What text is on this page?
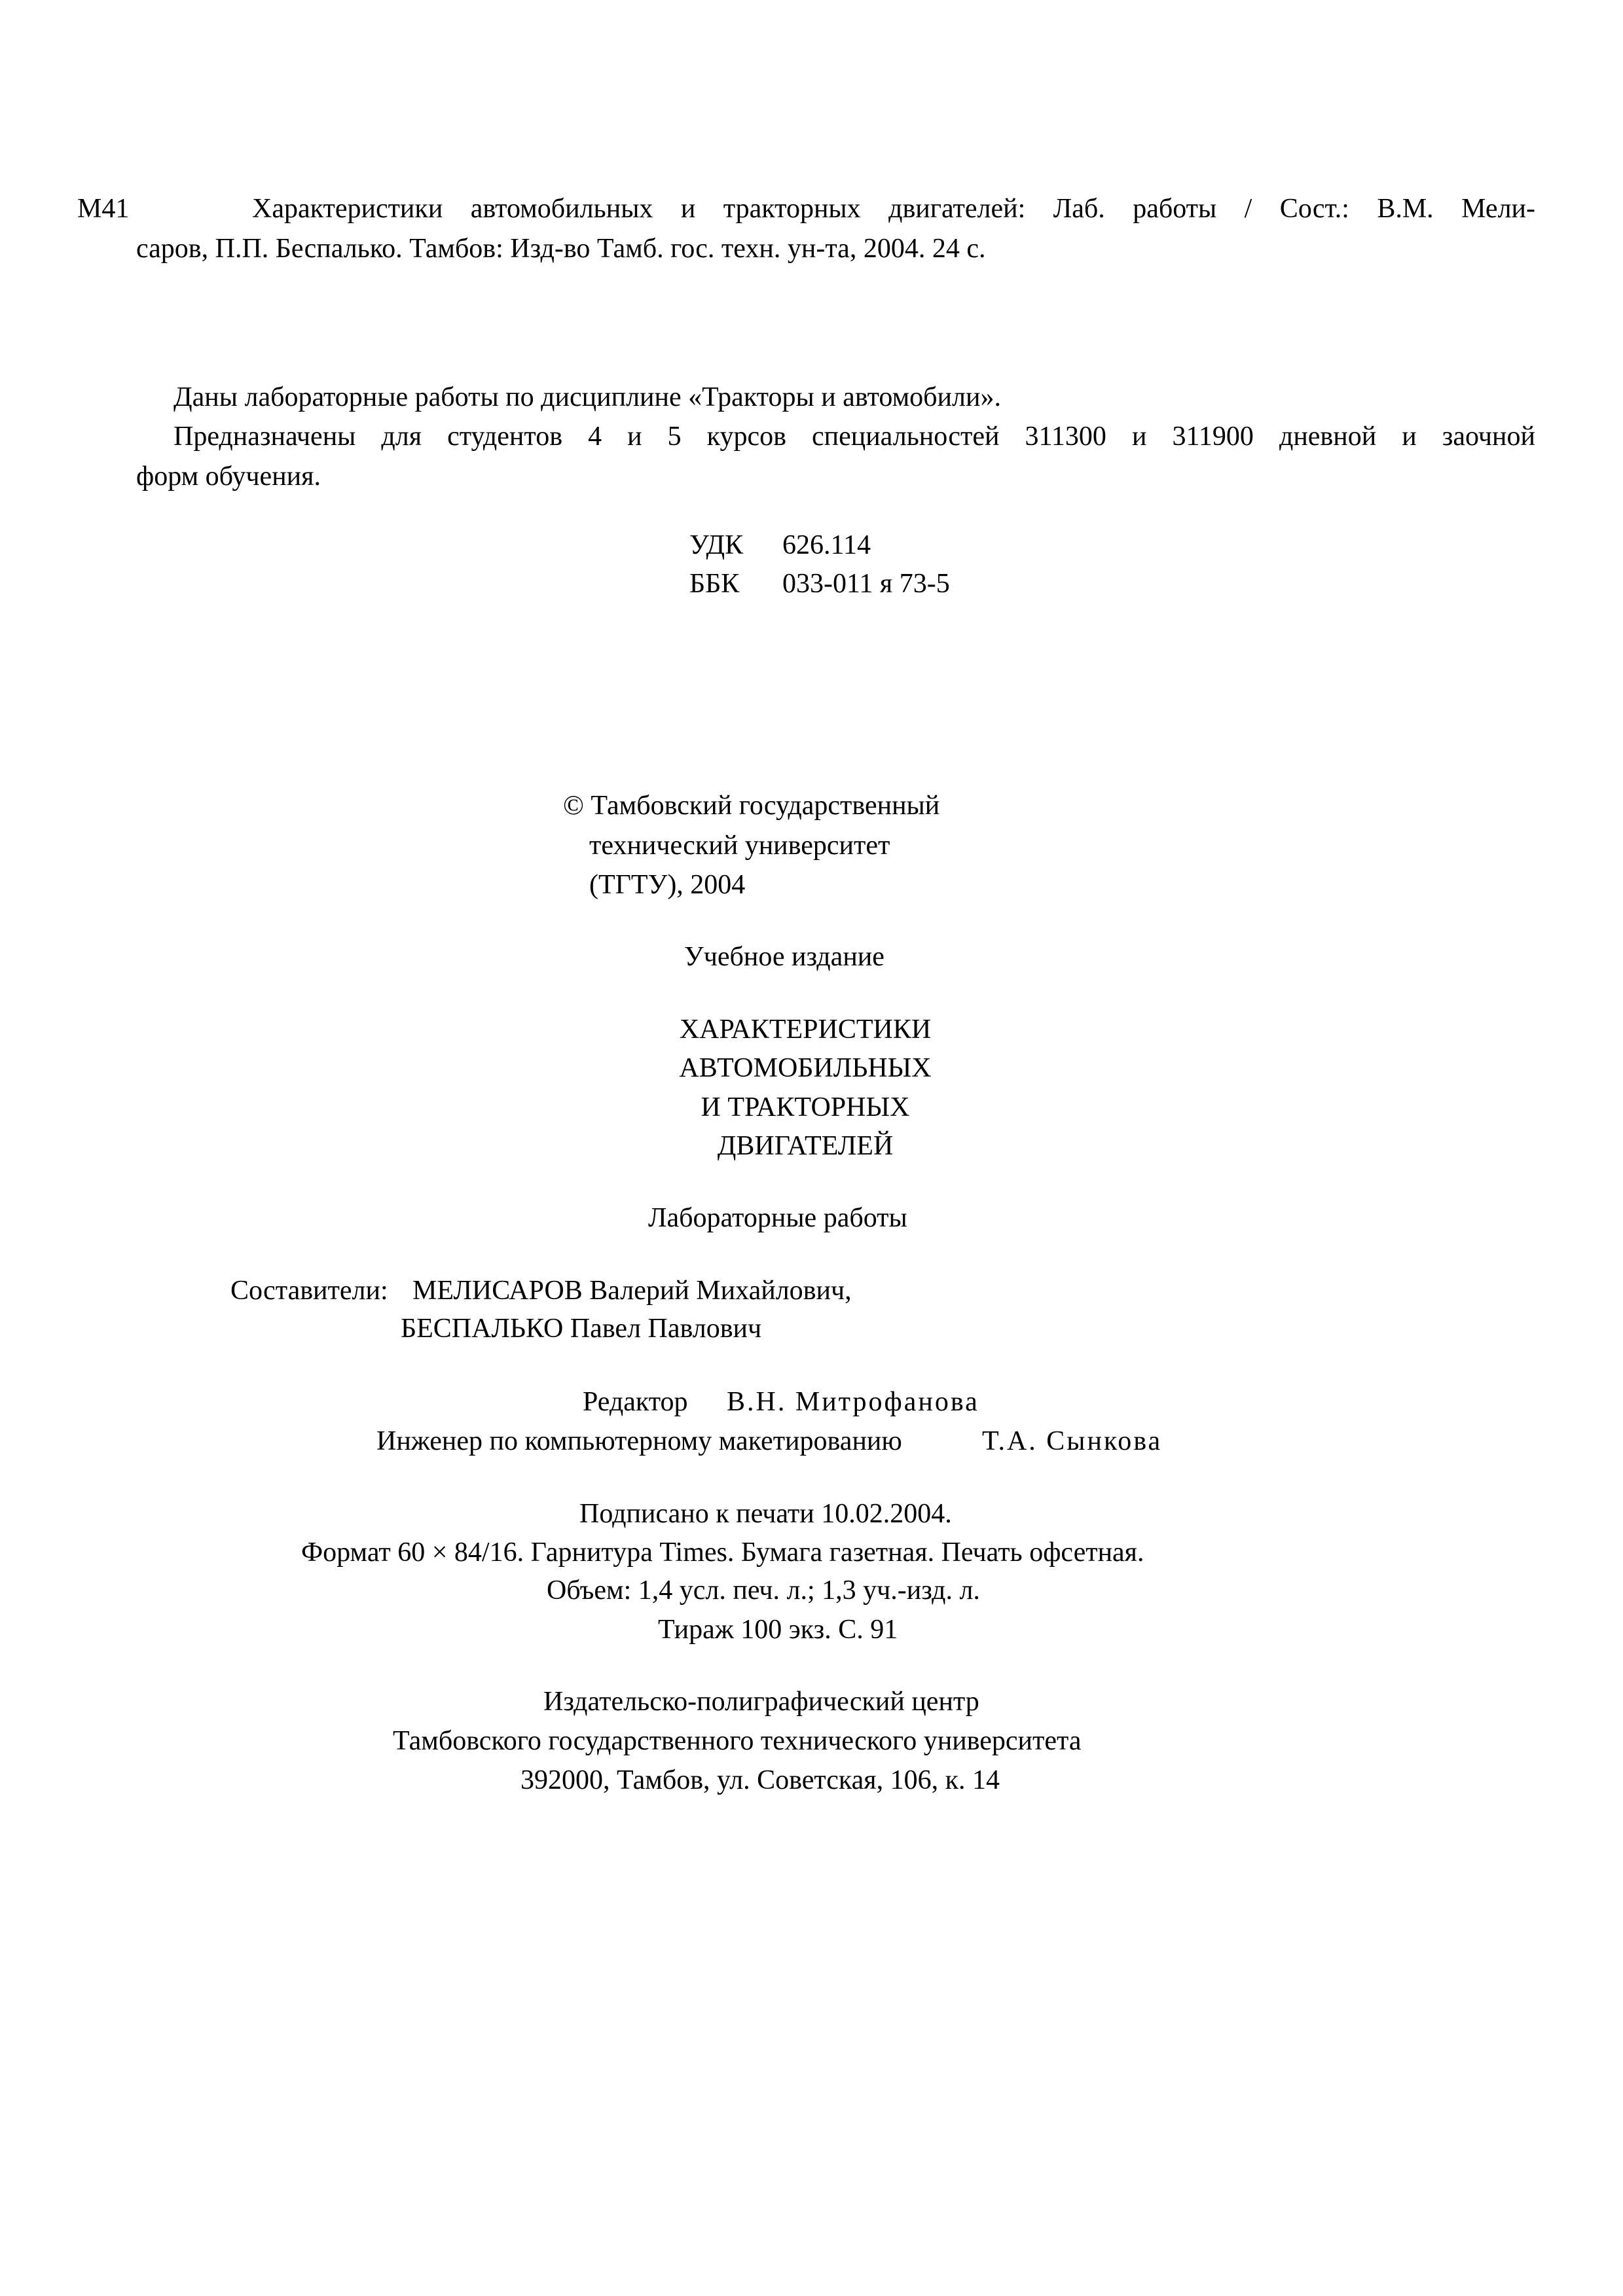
М41	Характеристики автомобильных и тракторных двигателей: Лаб. работы / Сост.: В.М. Мели-
саров, П.П. Беспалько. Тамбов: Изд-во Тамб. гос. техн. ун-та, 2004. 24 с.
Даны лабораторные работы по дисциплине «Тракторы и автомобили».
Предназначены для студентов 4 и 5 курсов специальностей 311300 и 311900 дневной и заочной
форм обучения.
УДК 626.114
ББК 033-011 я 73-5
© Тамбовский государственный
технический университет
(ТГТУ), 2004
Учебное издание
ХАРАКТЕРИСТИКИ
АВТОМОБИЛЬНЫХ
И ТРАКТОРНЫХ
ДВИГАТЕЛЕЙ
Лабораторные работы
Составители: МЕЛИСАРОВ Валерий Михайлович,
БЕСПАЛЬКО Павел Павлович
Редактор В.Н. Митрофанова
Инженер по компьютерному макетированию	Т.А. Сынкова
Подписано к печати 10.02.2004.
Формат 60 × 84/16. Гарнитура Times. Бумага газетная. Печать офсетная.
Объем: 1,4 усл. печ. л.; 1,3 уч.-изд. л.
Тираж 100 экз. С. 91
Издательско-полиграфический центр
Тамбовского государственного технического университета
392000, Тамбов, ул. Советская, 106, к. 14
